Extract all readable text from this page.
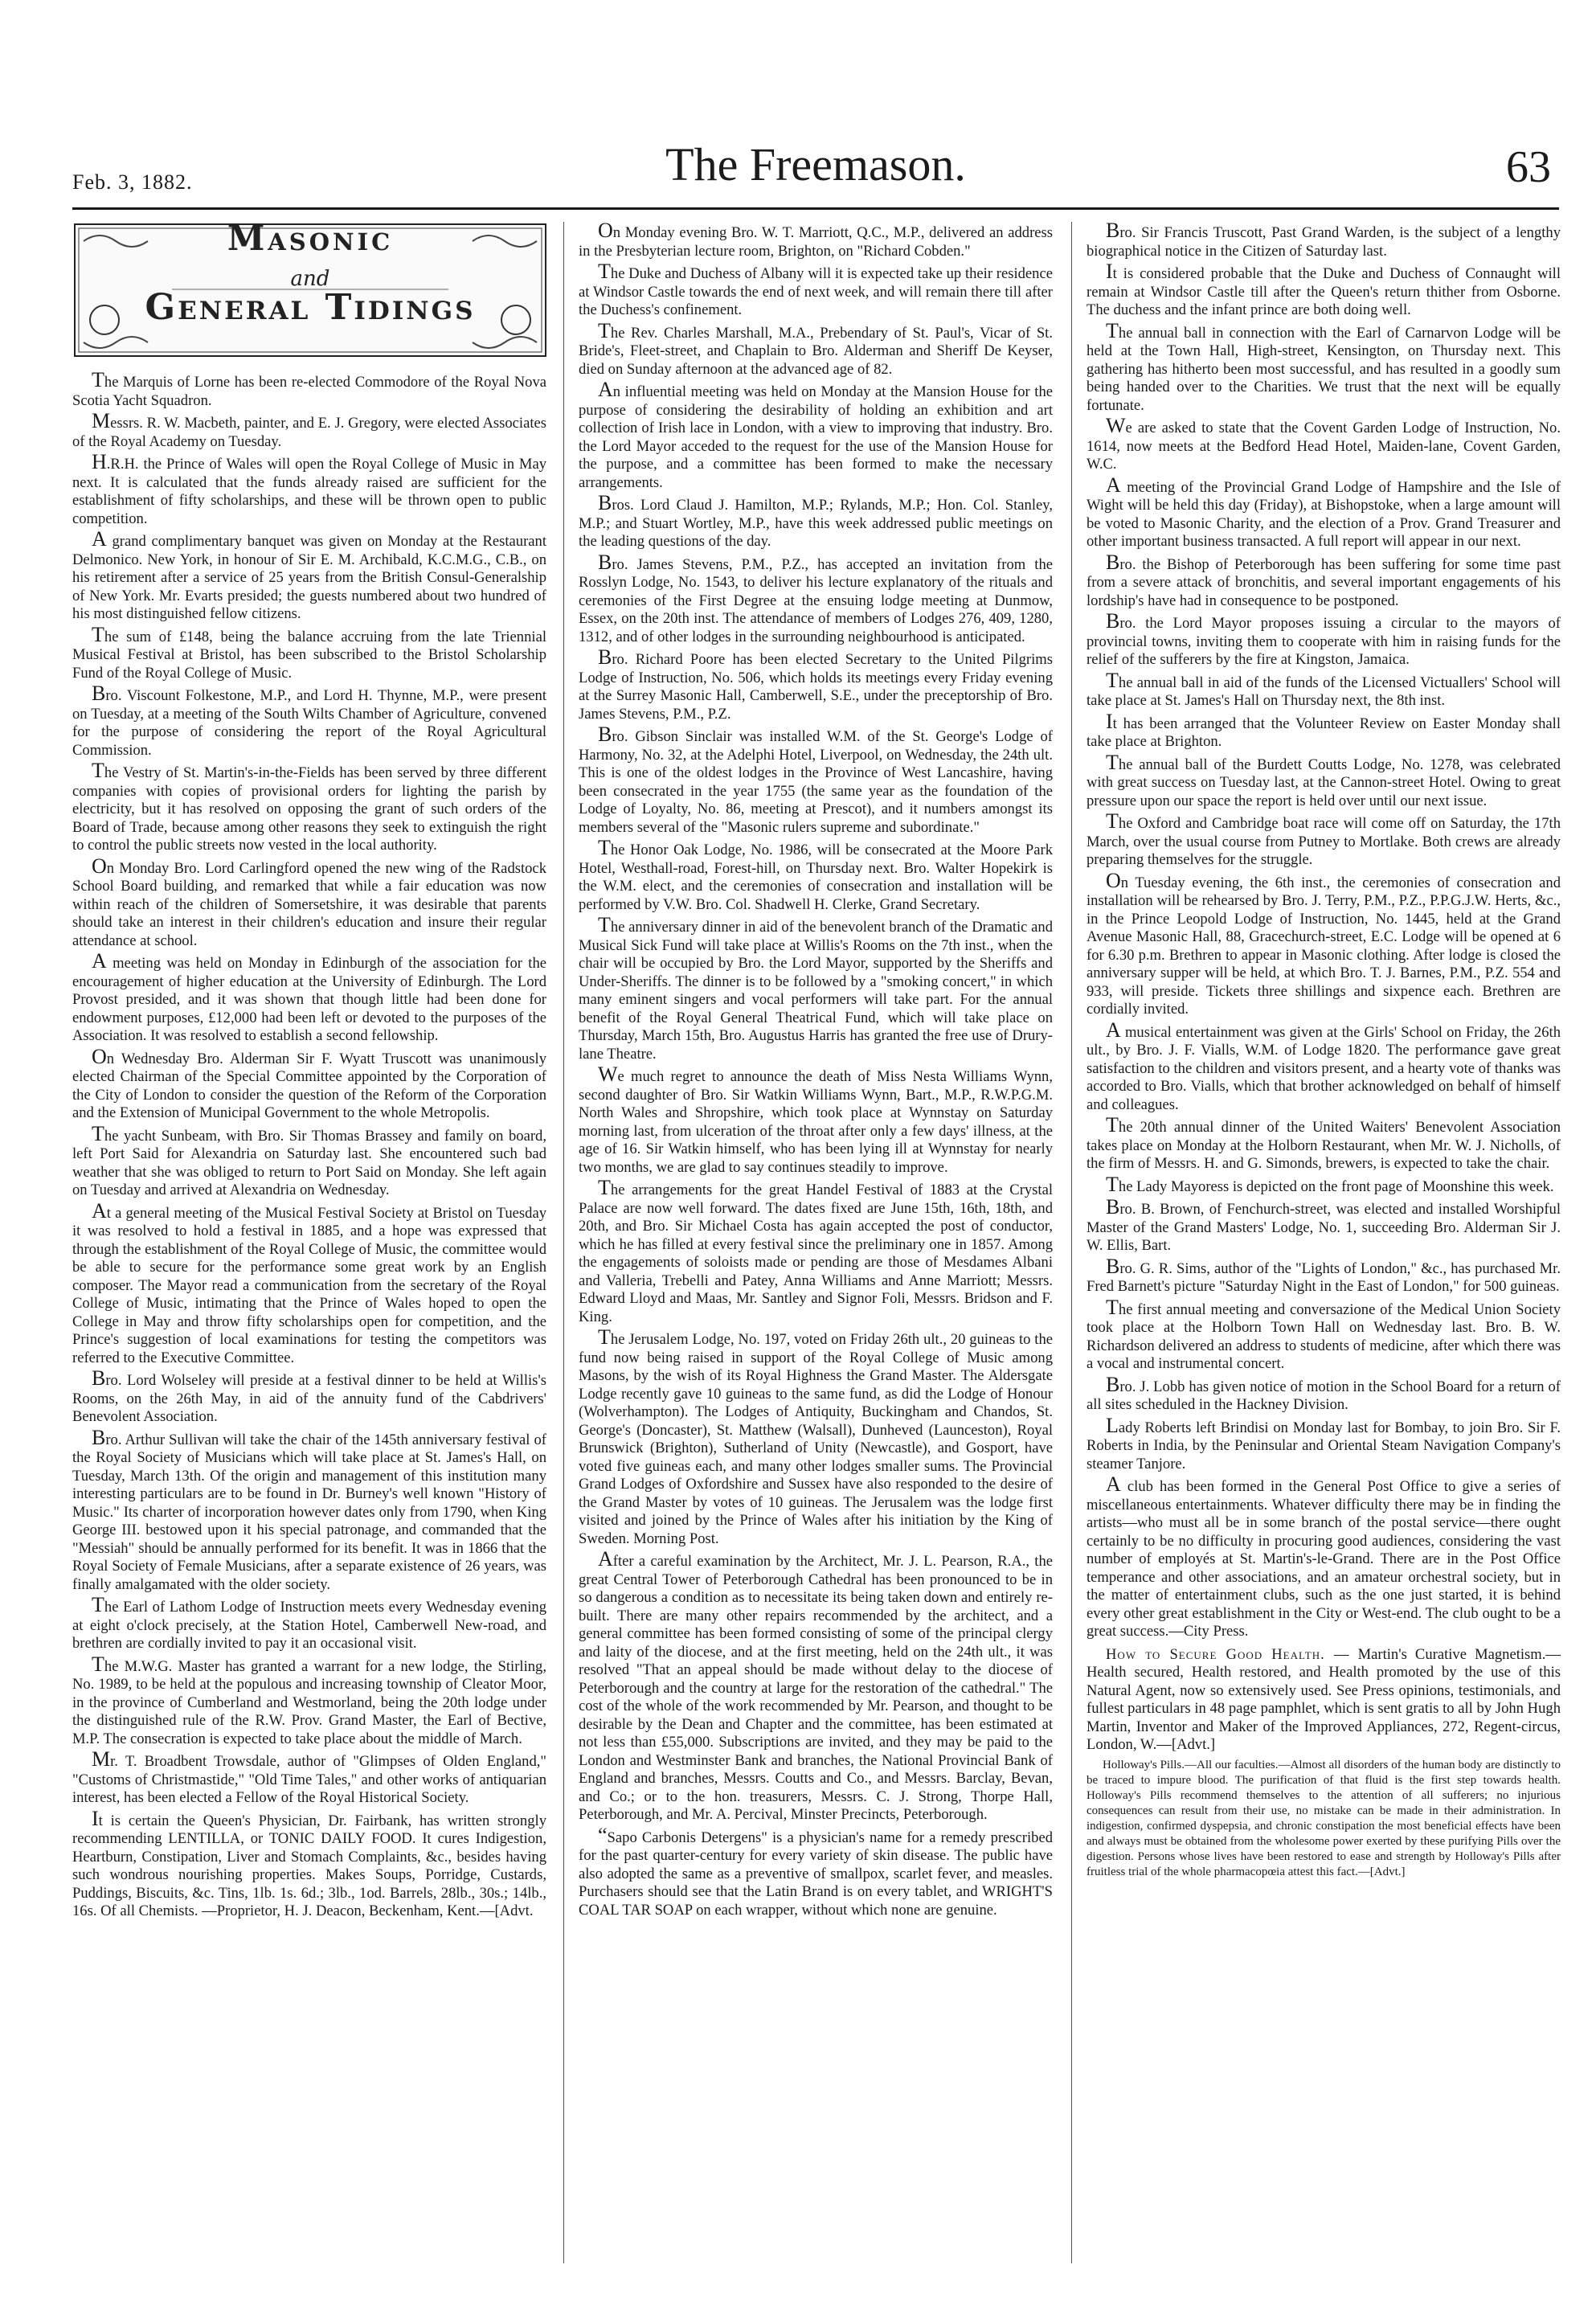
Feb. 3, 1882.	The Freemason.	63
Masonic
and
General Tidings

The Marquis of Lorne has been re-elected Commodore of the Royal Nova Scotia Yacht Squadron.

Messrs. R. W. Macbeth, painter, and E. J. Gregory, were elected Associates of the Royal Academy on Tuesday.

H.R.H. the Prince of Wales will open the Royal College of Music in May next. It is calculated that the funds already raised are sufficient for the establishment of fifty scholarships, and these will be thrown open to public competition.

A grand complimentary banquet was given on Monday at the Restaurant Delmonico. New York, in honour of Sir E. M. Archibald, K.C.M.G., C.B., on his retirement after a service of 25 years from the British Consul-Generalship of New York. Mr. Evarts presided; the guests numbered about two hundred of his most distinguished fellow citizens.

The sum of £148, being the balance accruing from the late Triennial Musical Festival at Bristol, has been subscribed to the Bristol Scholarship Fund of the Royal College of Music.

Bro. Viscount Folkestone, M.P., and Lord H. Thynne, M.P., were present on Tuesday, at a meeting of the South Wilts Chamber of Agriculture, convened for the purpose of considering the report of the Royal Agricultural Commission.

The Vestry of St. Martin's-in-the-Fields has been served by three different companies with copies of provisional orders for lighting the parish by electricity, but it has resolved on opposing the grant of such orders of the Board of Trade, because among other reasons they seek to extinguish the right to control the public streets now vested in the local authority.

On Monday Bro. Lord Carlingford opened the new wing of the Radstock School Board building, and remarked that while a fair education was now within reach of the children of Somersetshire, it was desirable that parents should take an interest in their children's education and insure their regular attendance at school.

A meeting was held on Monday in Edinburgh of the association for the encouragement of higher education at the University of Edinburgh. The Lord Provost presided, and it was shown that though little had been done for endowment purposes, £12,000 had been left or devoted to the purposes of the Association. It was resolved to establish a second fellowship.

On Wednesday Bro. Alderman Sir F. Wyatt Truscott was unanimously elected Chairman of the Special Committee appointed by the Corporation of the City of London to consider the question of the Reform of the Corporation and the Extension of Municipal Government to the whole Metropolis.

The yacht Sunbeam, with Bro. Sir Thomas Brassey and family on board, left Port Said for Alexandria on Saturday last. She encountered such bad weather that she was obliged to return to Port Said on Monday. She left again on Tuesday and arrived at Alexandria on Wednesday.

At a general meeting of the Musical Festival Society at Bristol on Tuesday it was resolved to hold a festival in 1885, and a hope was expressed that through the establishment of the Royal College of Music, the committee would be able to secure for the performance some great work by an English composer. The Mayor read a communication from the secretary of the Royal College of Music, intimating that the Prince of Wales hoped to open the College in May and throw fifty scholarships open for competition, and the Prince's suggestion of local examinations for testing the competitors was referred to the Executive Committee.

Bro. Lord Wolseley will preside at a festival dinner to be held at Willis's Rooms, on the 26th May, in aid of the annuity fund of the Cabdrivers' Benevolent Association.

Bro. Arthur Sullivan will take the chair of the 145th anniversary festival of the Royal Society of Musicians which will take place at St. James's Hall, on Tuesday, March 13th. Of the origin and management of this institution many interesting particulars are to be found in Dr. Burney's well known "History of Music." Its charter of incorporation however dates only from 1790, when King George III. bestowed upon it his special patronage, and commanded that the "Messiah" should be annually performed for its benefit. It was in 1866 that the Royal Society of Female Musicians, after a separate existence of 26 years, was finally amalgamated with the older society.

The Earl of Lathom Lodge of Instruction meets every Wednesday evening at eight o'clock precisely, at the Station Hotel, Camberwell New-road, and brethren are cordially invited to pay it an occasional visit.

The M.W.G. Master has granted a warrant for a new lodge, the Stirling, No. 1989, to be held at the populous and increasing township of Cleator Moor, in the province of Cumberland and Westmorland, being the 20th lodge under the distinguished rule of the R.W. Prov. Grand Master, the Earl of Bective, M.P. The consecration is expected to take place about the middle of March.

Mr. T. Broadbent Trowsdale, author of "Glimpses of Olden England," "Customs of Christmastide," "Old Time Tales," and other works of antiquarian interest, has been elected a Fellow of the Royal Historical Society.

It is certain the Queen's Physician, Dr. Fairbank, has written strongly recommending LENTILLA, or TONIC DAILY FOOD. It cures Indigestion, Heartburn, Constipation, Liver and Stomach Complaints, &c., besides having such wondrous nourishing properties. Makes Soups, Porridge, Custards, Puddings, Biscuits, &c. Tins, 1lb. 1s. 6d.; 3lb., 1od. Barrels, 28lb., 30s.; 14lb., 16s. Of all Chemists. —Proprietor, H. J. Deacon, Beckenham, Kent.—[Advt.

On Monday evening Bro. W. T. Marriott, Q.C., M.P., delivered an address in the Presbyterian lecture room, Brighton, on "Richard Cobden."

The Duke and Duchess of Albany will it is expected take up their residence at Windsor Castle towards the end of next week, and will remain there till after the Duchess's confinement.

The Rev. Charles Marshall, M.A., Prebendary of St. Paul's, Vicar of St. Bride's, Fleet-street, and Chaplain to Bro. Alderman and Sheriff De Keyser, died on Sunday afternoon at the advanced age of 82.

An influential meeting was held on Monday at the Mansion House for the purpose of considering the desirability of holding an exhibition and art collection of Irish lace in London, with a view to improving that industry. Bro. the Lord Mayor acceded to the request for the use of the Mansion House for the purpose, and a committee has been formed to make the necessary arrangements.

Bros. Lord Claud J. Hamilton, M.P.; Rylands, M.P.; Hon. Col. Stanley, M.P.; and Stuart Wortley, M.P., have this week addressed public meetings on the leading questions of the day.

Bro. James Stevens, P.M., P.Z., has accepted an invitation from the Rosslyn Lodge, No. 1543, to deliver his lecture explanatory of the rituals and ceremonies of the First Degree at the ensuing lodge meeting at Dunmow, Essex, on the 20th inst. The attendance of members of Lodges 276, 409, 1280, 1312, and of other lodges in the surrounding neighbourhood is anticipated.

Bro. Richard Poore has been elected Secretary to the United Pilgrims Lodge of Instruction, No. 506, which holds its meetings every Friday evening at the Surrey Masonic Hall, Camberwell, S.E., under the preceptorship of Bro. James Stevens, P.M., P.Z.

Bro. Gibson Sinclair was installed W.M. of the St. George's Lodge of Harmony, No. 32, at the Adelphi Hotel, Liverpool, on Wednesday, the 24th ult. This is one of the oldest lodges in the Province of West Lancashire, having been consecrated in the year 1755 (the same year as the foundation of the Lodge of Loyalty, No. 86, meeting at Prescot), and it numbers amongst its members several of the "Masonic rulers supreme and subordinate."

The Honor Oak Lodge, No. 1986, will be consecrated at the Moore Park Hotel, Westhall-road, Forest-hill, on Thursday next. Bro. Walter Hopekirk is the W.M. elect, and the ceremonies of consecration and installation will be performed by V.W. Bro. Col. Shadwell H. Clerke, Grand Secretary.

The anniversary dinner in aid of the benevolent branch of the Dramatic and Musical Sick Fund will take place at Willis's Rooms on the 7th inst., when the chair will be occupied by Bro. the Lord Mayor, supported by the Sheriffs and Under-Sheriffs. The dinner is to be followed by a "smoking concert," in which many eminent singers and vocal performers will take part. For the annual benefit of the Royal General Theatrical Fund, which will take place on Thursday, March 15th, Bro. Augustus Harris has granted the free use of Drury-lane Theatre.

We much regret to announce the death of Miss Nesta Williams Wynn, second daughter of Bro. Sir Watkin Williams Wynn, Bart., M.P., R.W.P.G.M. North Wales and Shropshire, which took place at Wynnstay on Saturday morning last, from ulceration of the throat after only a few days' illness, at the age of 16. Sir Watkin himself, who has been lying ill at Wynnstay for nearly two months, we are glad to say continues steadily to improve.

The arrangements for the great Handel Festival of 1883 at the Crystal Palace are now well forward. The dates fixed are June 15th, 16th, 18th, and 20th, and Bro. Sir Michael Costa has again accepted the post of conductor, which he has filled at every festival since the preliminary one in 1857. Among the engagements of soloists made or pending are those of Mesdames Albani and Valleria, Trebelli and Patey, Anna Williams and Anne Marriott; Messrs. Edward Lloyd and Maas, Mr. Santley and Signor Foli, Messrs. Bridson and F. King.

The Jerusalem Lodge, No. 197, voted on Friday 26th ult., 20 guineas to the fund now being raised in support of the Royal College of Music among Masons, by the wish of its Royal Highness the Grand Master. The Aldersgate Lodge recently gave 10 guineas to the same fund, as did the Lodge of Honour (Wolverhampton). The Lodges of Antiquity, Buckingham and Chandos, St. George's (Doncaster), St. Matthew (Walsall), Dunheved (Launceston), Royal Brunswick (Brighton), Sutherland of Unity (Newcastle), and Gosport, have voted five guineas each, and many other lodges smaller sums. The Provincial Grand Lodges of Oxfordshire and Sussex have also responded to the desire of the Grand Master by votes of 10 guineas. The Jerusalem was the lodge first visited and joined by the Prince of Wales after his initiation by the King of Sweden. Morning Post.

After a careful examination by the Architect, Mr. J. L. Pearson, R.A., the great Central Tower of Peterborough Cathedral has been pronounced to be in so dangerous a condition as to necessitate its being taken down and entirely re-built. There are many other repairs recommended by the architect, and a general committee has been formed consisting of some of the principal clergy and laity of the diocese, and at the first meeting, held on the 24th ult., it was resolved "That an appeal should be made without delay to the diocese of Peterborough and the country at large for the restoration of the cathedral." The cost of the whole of the work recommended by Mr. Pearson, and thought to be desirable by the Dean and Chapter and the committee, has been estimated at not less than £55,000. Subscriptions are invited, and they may be paid to the London and Westminster Bank and branches, the National Provincial Bank of England and branches, Messrs. Coutts and Co., and Messrs. Barclay, Bevan, and Co.; or to the hon. treasurers, Messrs. C. J. Strong, Thorpe Hall, Peterborough, and Mr. A. Percival, Minster Precincts, Peterborough.

“Sapo Carbonis Detergens" is a physician's name for a remedy prescribed for the past quarter-century for every variety of skin disease. The public have also adopted the same as a preventive of smallpox, scarlet fever, and measles. Purchasers should see that the Latin Brand is on every tablet, and WRIGHT'S COAL TAR SOAP on each wrapper, without which none are genuine.

Bro. Sir Francis Truscott, Past Grand Warden, is the subject of a lengthy biographical notice in the Citizen of Saturday last.

It is considered probable that the Duke and Duchess of Connaught will remain at Windsor Castle till after the Queen's return thither from Osborne. The duchess and the infant prince are both doing well.

The annual ball in connection with the Earl of Carnarvon Lodge will be held at the Town Hall, High-street, Kensington, on Thursday next. This gathering has hitherto been most successful, and has resulted in a goodly sum being handed over to the Charities. We trust that the next will be equally fortunate.

We are asked to state that the Covent Garden Lodge of Instruction, No. 1614, now meets at the Bedford Head Hotel, Maiden-lane, Covent Garden, W.C.

A meeting of the Provincial Grand Lodge of Hampshire and the Isle of Wight will be held this day (Friday), at Bishopstoke, when a large amount will be voted to Masonic Charity, and the election of a Prov. Grand Treasurer and other important business transacted. A full report will appear in our next.

Bro. the Bishop of Peterborough has been suffering for some time past from a severe attack of bronchitis, and several important engagements of his lordship's have had in consequence to be postponed.

Bro. the Lord Mayor proposes issuing a circular to the mayors of provincial towns, inviting them to cooperate with him in raising funds for the relief of the sufferers by the fire at Kingston, Jamaica.

The annual ball in aid of the funds of the Licensed Victuallers' School will take place at St. James's Hall on Thursday next, the 8th inst.

It has been arranged that the Volunteer Review on Easter Monday shall take place at Brighton.

The annual ball of the Burdett Coutts Lodge, No. 1278, was celebrated with great success on Tuesday last, at the Cannon-street Hotel. Owing to great pressure upon our space the report is held over until our next issue.

The Oxford and Cambridge boat race will come off on Saturday, the 17th March, over the usual course from Putney to Mortlake. Both crews are already preparing themselves for the struggle.

On Tuesday evening, the 6th inst., the ceremonies of consecration and installation will be rehearsed by Bro. J. Terry, P.M., P.Z., P.P.G.J.W. Herts, &c., in the Prince Leopold Lodge of Instruction, No. 1445, held at the Grand Avenue Masonic Hall, 88, Gracechurch-street, E.C. Lodge will be opened at 6 for 6.30 p.m. Brethren to appear in Masonic clothing. After lodge is closed the anniversary supper will be held, at which Bro. T. J. Barnes, P.M., P.Z. 554 and 933, will preside. Tickets three shillings and sixpence each. Brethren are cordially invited.

A musical entertainment was given at the Girls' School on Friday, the 26th ult., by Bro. J. F. Vialls, W.M. of Lodge 1820. The performance gave great satisfaction to the children and visitors present, and a hearty vote of thanks was accorded to Bro. Vialls, which that brother acknowledged on behalf of himself and colleagues.

The 20th annual dinner of the United Waiters' Benevolent Association takes place on Monday at the Holborn Restaurant, when Mr. W. J. Nicholls, of the firm of Messrs. H. and G. Simonds, brewers, is expected to take the chair.

The Lady Mayoress is depicted on the front page of Moonshine this week.

Bro. B. Brown, of Fenchurch-street, was elected and installed Worshipful Master of the Grand Masters' Lodge, No. 1, succeeding Bro. Alderman Sir J. W. Ellis, Bart.

Bro. G. R. Sims, author of the "Lights of London," &c., has purchased Mr. Fred Barnett's picture "Saturday Night in the East of London," for 500 guineas.

The first annual meeting and conversazione of the Medical Union Society took place at the Holborn Town Hall on Wednesday last. Bro. B. W. Richardson delivered an address to students of medicine, after which there was a vocal and instrumental concert.

Bro. J. Lobb has given notice of motion in the School Board for a return of all sites scheduled in the Hackney Division.

Lady Roberts left Brindisi on Monday last for Bombay, to join Bro. Sir F. Roberts in India, by the Peninsular and Oriental Steam Navigation Company's steamer Tanjore.

A club has been formed in the General Post Office to give a series of miscellaneous entertainments. Whatever difficulty there may be in finding the artists—who must all be in some branch of the postal service—there ought certainly to be no difficulty in procuring good audiences, considering the vast number of employés at St. Martin's-le-Grand. There are in the Post Office temperance and other associations, and an amateur orchestral society, but in the matter of entertainment clubs, such as the one just started, it is behind every other great establishment in the City or West-end. The club ought to be a great success.—City Press.

How to Secure Good Health. — Martin's Curative Magnetism.—Health secured, Health restored, and Health promoted by the use of this Natural Agent, now so extensively used. See Press opinions, testimonials, and fullest particulars in 48 page pamphlet, which is sent gratis to all by John Hugh Martin, Inventor and Maker of the Improved Appliances, 272, Regent-circus, London, W.—[Advt.]

Holloway's Pills.—All our faculties.—Almost all disorders of the human body are distinctly to be traced to impure blood. The purification of that fluid is the first step towards health. Holloway's Pills recommend themselves to the attention of all sufferers; no injurious consequences can result from their use, no mistake can be made in their administration. In indigestion, confirmed dyspepsia, and chronic constipation the most beneficial effects have been and always must be obtained from the wholesome power exerted by these purifying Pills over the digestion. Persons whose lives have been restored to ease and strength by Holloway's Pills after fruitless trial of the whole pharmacopœia attest this fact.—[Advt.]
